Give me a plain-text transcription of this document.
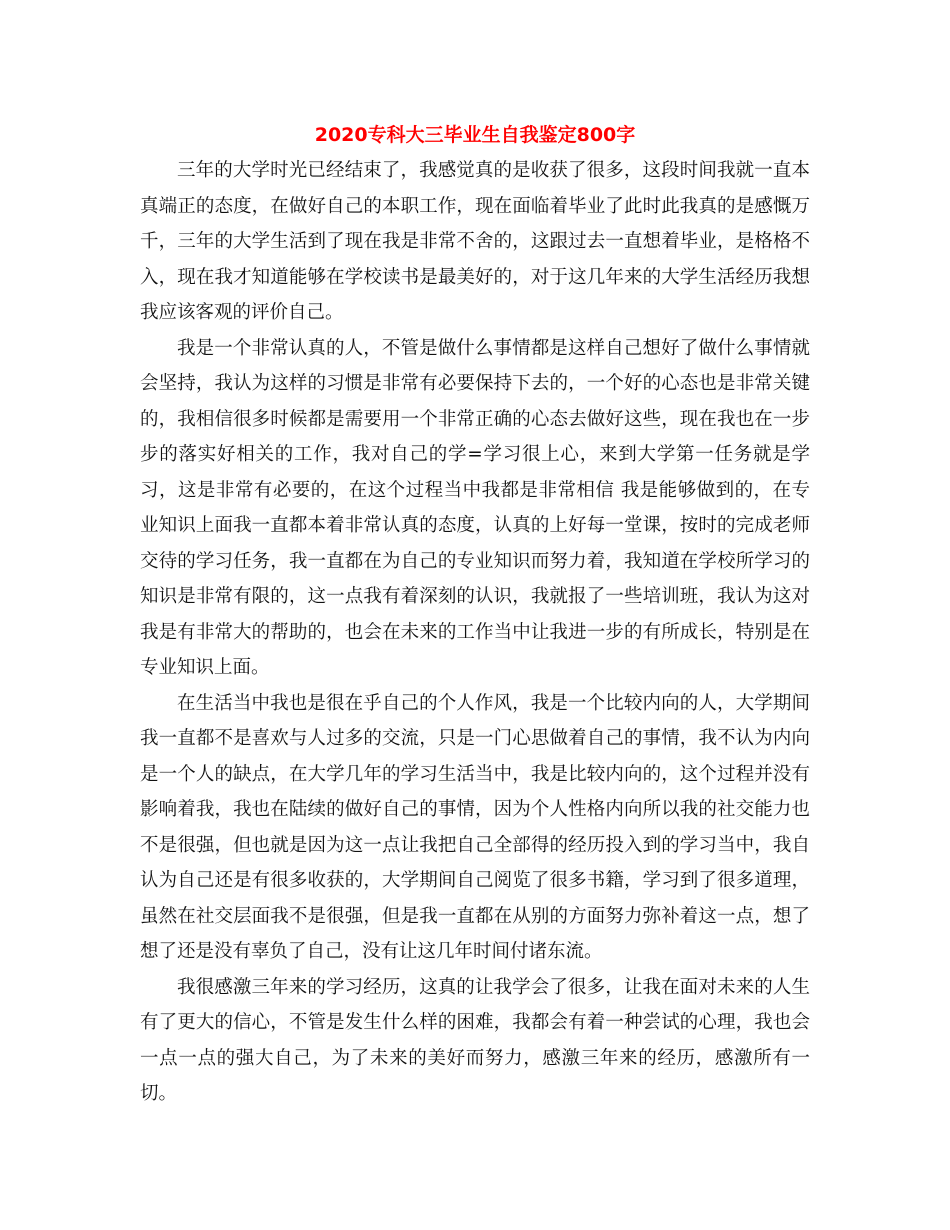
2020专科大三毕业生自我鉴定800字

三年的大学时光已经结束了，我感觉真的是收获了很多，这段时间我就一直本真端正的态度，在做好自己的本职工作，现在面临着毕业了此时此我真的是感慨万千，三年的大学生活到了现在我是非常不舍的，这跟过去一直想着毕业，是格格不入，现在我才知道能够在学校读书是最美好的，对于这几年来的大学生活经历我想我应该客观的评价自己。

我是一个非常认真的人，不管是做什么事情都是这样自己想好了做什么事情就会坚持，我认为这样的习惯是非常有必要保持下去的，一个好的心态也是非常关键的，我相信很多时候都是需要用一个非常正确的心态去做好这些，现在我也在一步步的落实好相关的工作，我对自己的学=学习很上心，来到大学第一任务就是学习，这是非常有必要的，在这个过程当中我都是非常相信 我是能够做到的，在专业知识上面我一直都本着非常认真的态度，认真的上好每一堂课，按时的完成老师交待的学习任务，我一直都在为自己的专业知识而努力着，我知道在学校所学习的知识是非常有限的，这一点我有着深刻的认识，我就报了一些培训班，我认为这对我是有非常大的帮助的，也会在未来的工作当中让我进一步的有所成长，特别是在专业知识上面。

在生活当中我也是很在乎自己的个人作风，我是一个比较内向的人，大学期间我一直都不是喜欢与人过多的交流，只是一门心思做着自己的事情，我不认为内向是一个人的缺点，在大学几年的学习生活当中，我是比较内向的，这个过程并没有影响着我，我也在陆续的做好自己的事情，因为个人性格内向所以我的社交能力也不是很强，但也就是因为这一点让我把自己全部得的经历投入到的学习当中，我自认为自己还是有很多收获的，大学期间自己阅览了很多书籍，学习到了很多道理，虽然在社交层面我不是很强，但是我一直都在从别的方面努力弥补着这一点，想了想了还是没有辜负了自己，没有让这几年时间付诸东流。

我很感激三年来的学习经历，这真的让我学会了很多，让我在面对未来的人生有了更大的信心，不管是发生什么样的困难，我都会有着一种尝试的心理，我也会一点一点的强大自己，为了未来的美好而努力，感激三年来的经历，感激所有一切。
